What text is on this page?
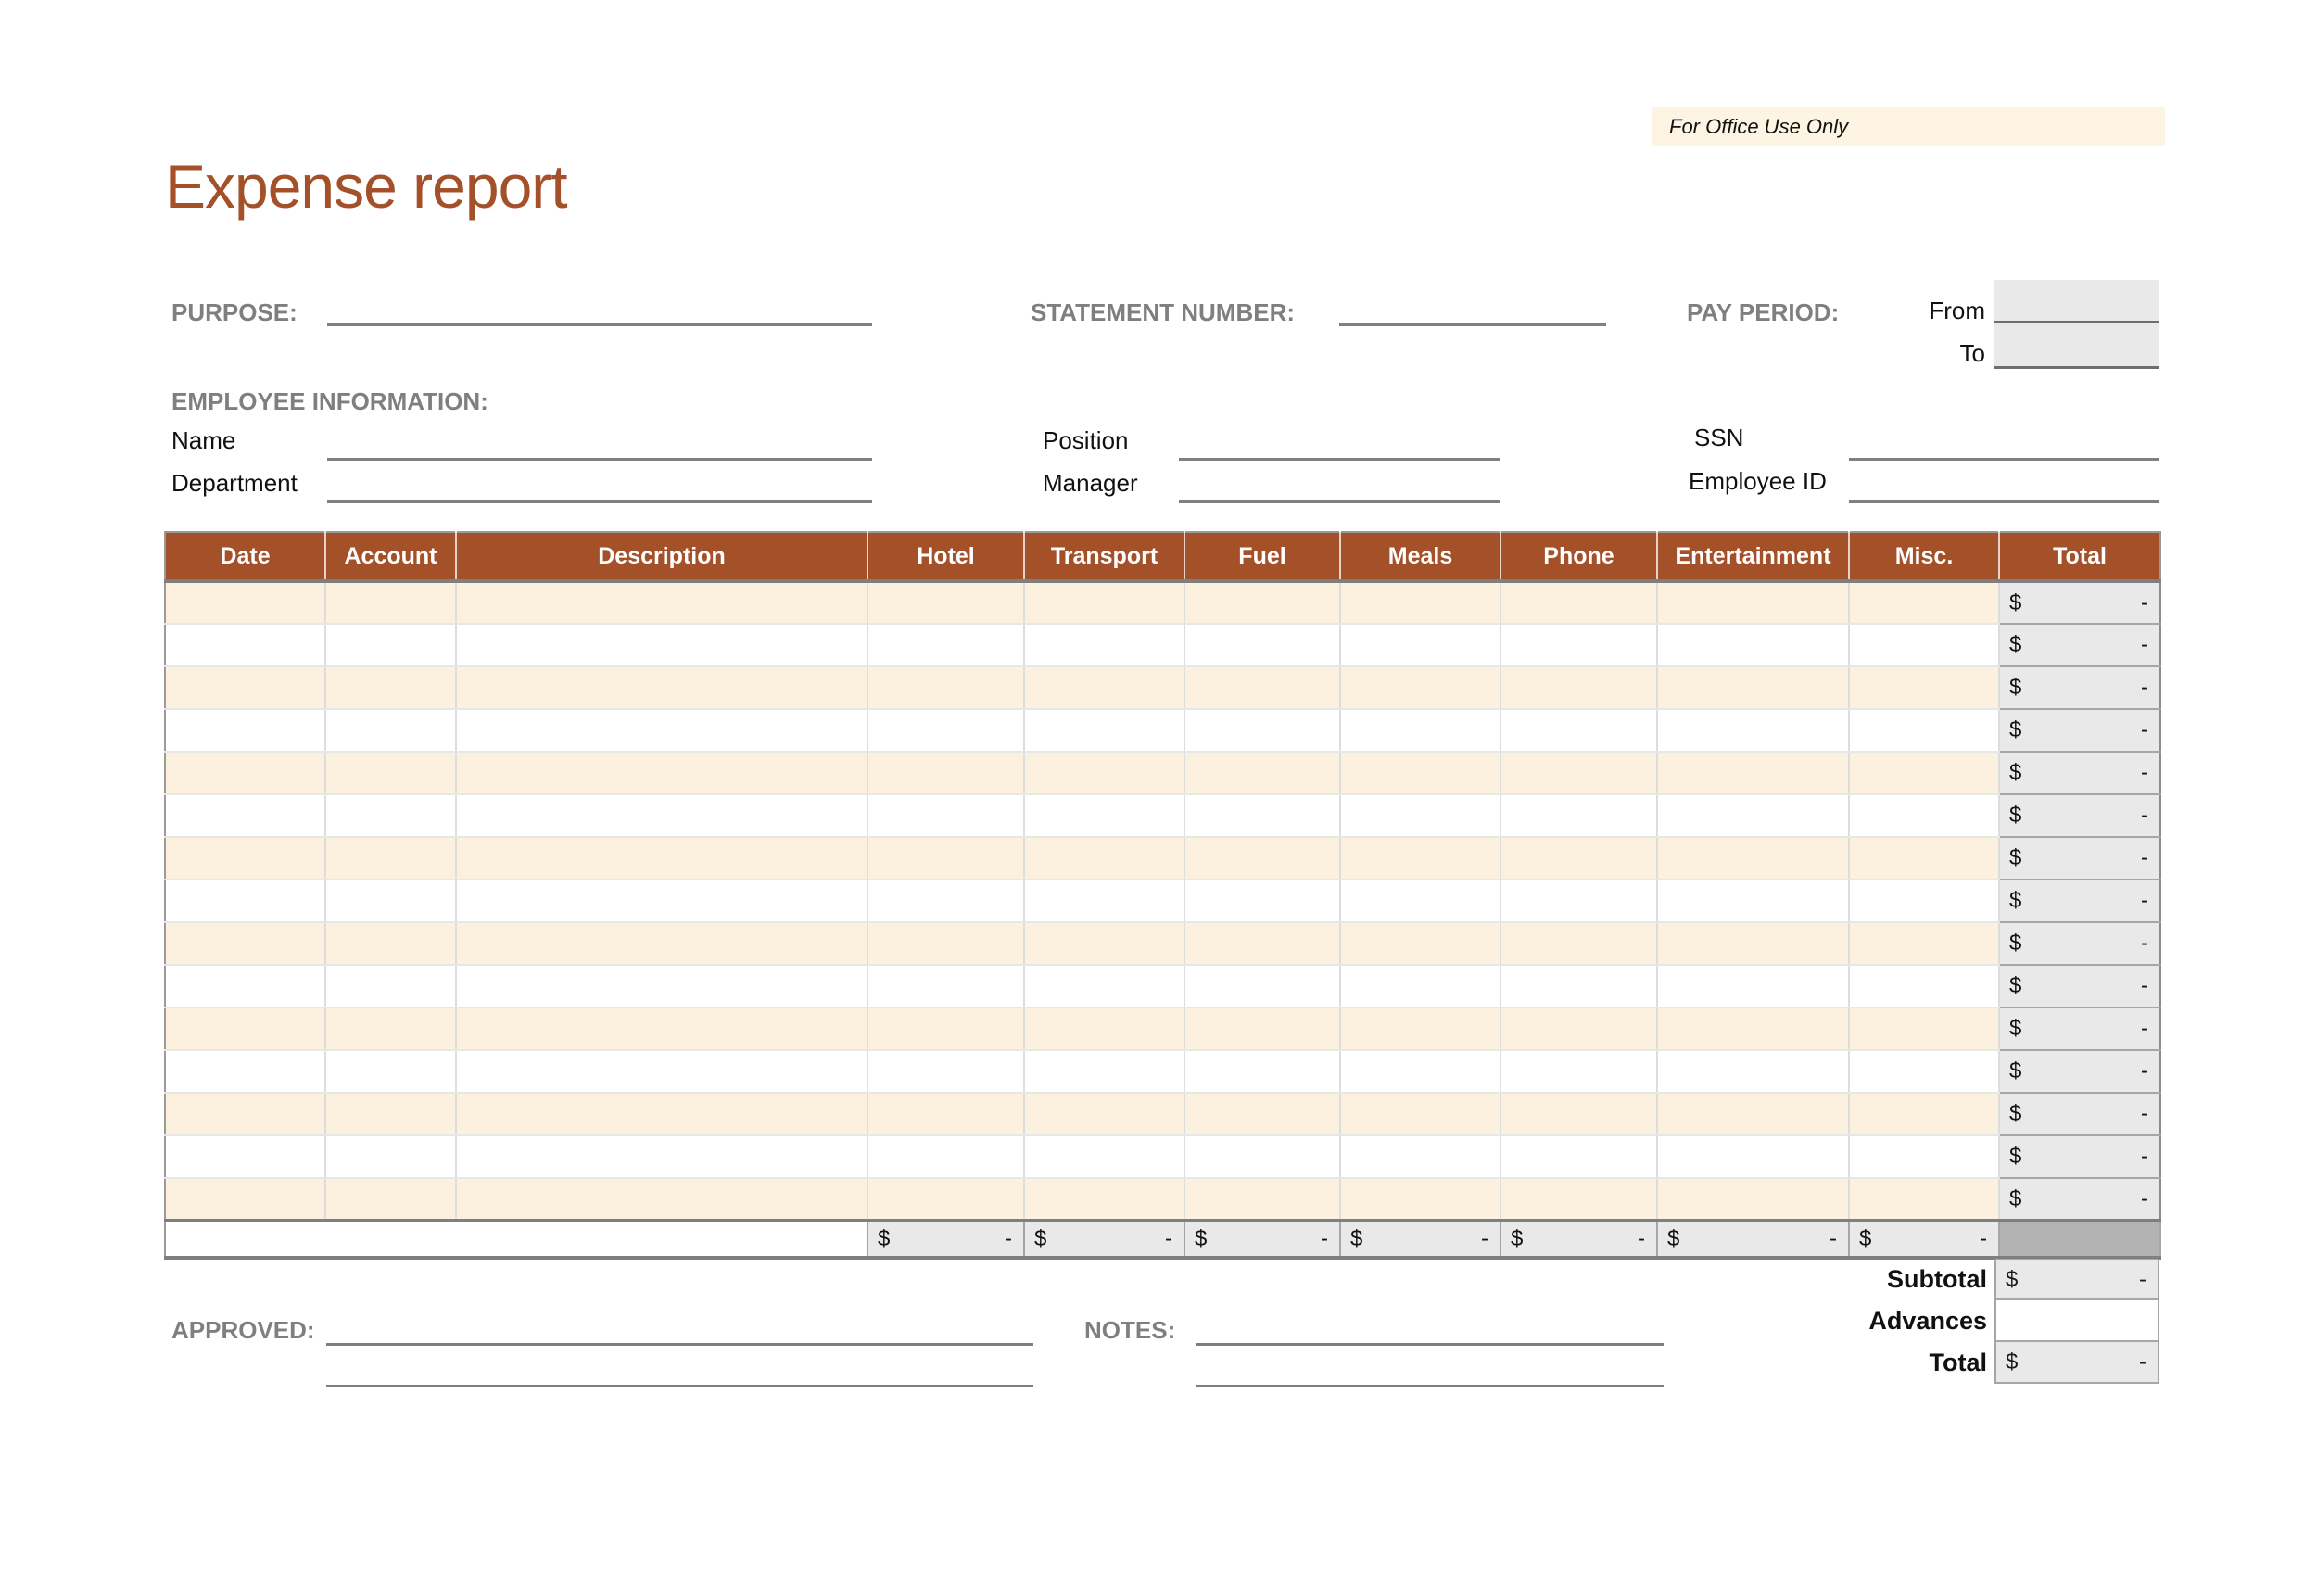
For Office Use Only
Expense report
PURPOSE:	STATEMENT NUMBER:	PAY PERIOD:	From
To
EMPLOYEE INFORMATION:
Name	Position	SSN
Department	Manager	Employee ID
Date	Account	Description	Hotel	Transport	Fuel	Meals	Phone	Entertainment	Misc.	Total

										$ -

										$ -

										$ -

										$ -

										$ -

										$ -

										$ -

										$ -

										$ -

										$ -

										$ -

										$ -

										$ -

										$ -

										$ -

			$ -	$ -	$ -	$ -	$ -	$ -	$ -	

Subtotal $	-
Advances
Total $	-
APPROVED:	NOTES:
